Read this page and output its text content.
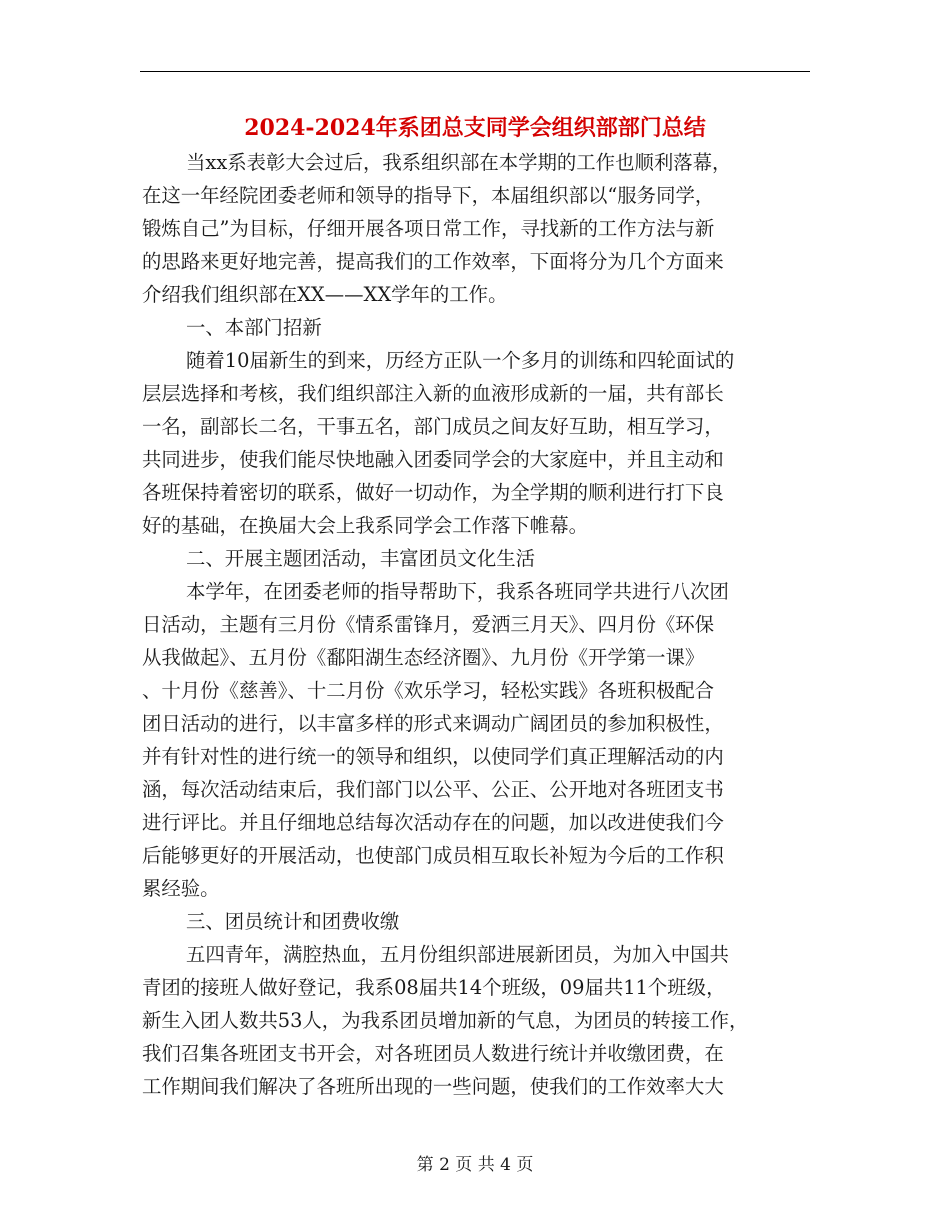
2024-2024年系团总支同学会组织部部门总结
当xx系表彰大会过后，我系组织部在本学期的工作也顺利落幕，
在这一年经院团委老师和领导的指导下，本届组织部以“服务同学，
锻炼自己”为目标，仔细开展各项日常工作，寻找新的工作方法与新
的思路来更好地完善，提高我们的工作效率，下面将分为几个方面来
介绍我们组织部在XX——XX学年的工作。
一、本部门招新
随着10届新生的到来，历经方正队一个多月的训练和四轮面试的
层层选择和考核，我们组织部注入新的血液形成新的一届，共有部长
一名，副部长二名，干事五名，部门成员之间友好互助，相互学习，
共同进步，使我们能尽快地融入团委同学会的大家庭中，并且主动和
各班保持着密切的联系，做好一切动作，为全学期的顺利进行打下良
好的基础，在换届大会上我系同学会工作落下帷幕。
二、开展主题团活动，丰富团员文化生活
本学年，在团委老师的指导帮助下，我系各班同学共进行八次团
日活动，主题有三月份《情系雷锋月，爱洒三月天》、四月份《环保
从我做起》、五月份《鄱阳湖生态经济圈》、九月份《开学第一课》
、十月份《慈善》、十二月份《欢乐学习，轻松实践》各班积极配合
团日活动的进行，以丰富多样的形式来调动广阔团员的参加积极性，
并有针对性的进行统一的领导和组织，以使同学们真正理解活动的内
涵，每次活动结束后，我们部门以公平、公正、公开地对各班团支书
进行评比。并且仔细地总结每次活动存在的问题，加以改进使我们今
后能够更好的开展活动，也使部门成员相互取长补短为今后的工作积
累经验。
三、团员统计和团费收缴
五四青年，满腔热血，五月份组织部进展新团员，为加入中国共
青团的接班人做好登记，我系08届共14个班级，09届共11个班级，
新生入团人数共53人，为我系团员增加新的气息，为团员的转接工作，
我们召集各班团支书开会，对各班团员人数进行统计并收缴团费，在
工作期间我们解决了各班所出现的一些问题，使我们的工作效率大大
第 2 页 共 4 页
